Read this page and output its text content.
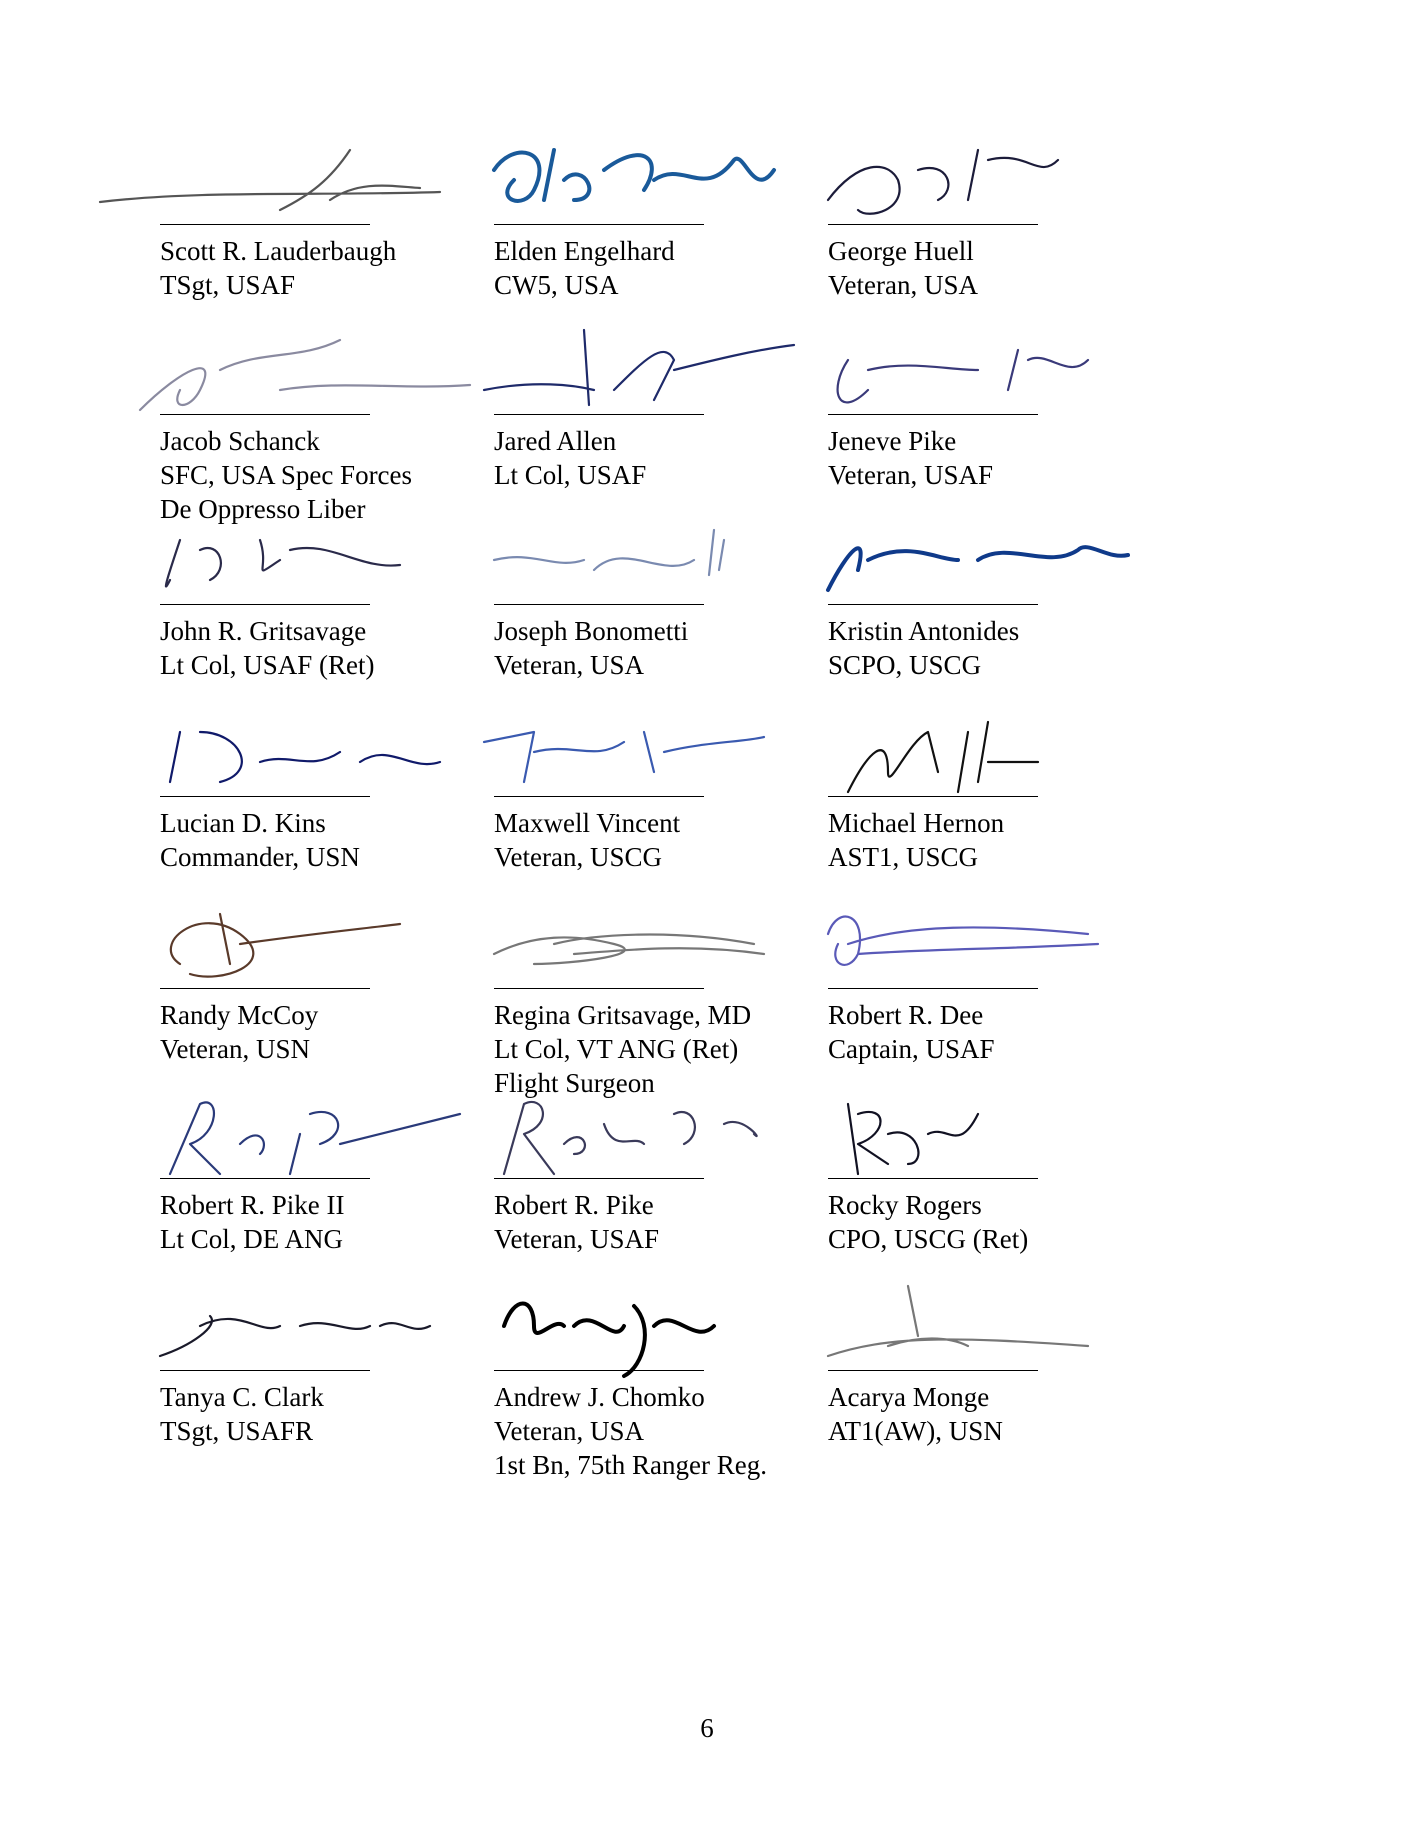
Scott R. Lauderbaugh
TSgt, USAF
Elden Engelhard
CW5, USA
George Huell
Veteran, USA
Jacob Schanck
SFC, USA Spec Forces
De Oppresso Liber
Jared Allen
Lt Col, USAF
Jeneve Pike
Veteran, USAF
John R. Gritsavage
Lt Col, USAF (Ret)
Joseph Bonometti
Veteran, USA
Kristin Antonides
SCPO, USCG
Lucian D. Kins
Commander, USN
Maxwell Vincent
Veteran, USCG
Michael Hernon
AST1, USCG
Randy McCoy
Veteran, USN
Regina Gritsavage, MD
Lt Col, VT ANG (Ret)
Flight Surgeon
Robert R. Dee
Captain, USAF
Robert R. Pike II
Lt Col, DE ANG
Robert R. Pike
Veteran, USAF
Rocky Rogers
CPO, USCG (Ret)
Tanya C. Clark
TSgt, USAFR
Andrew J. Chomko
Veteran, USA
1st Bn, 75th Ranger Reg.
Acarya Monge
AT1(AW), USN
6
